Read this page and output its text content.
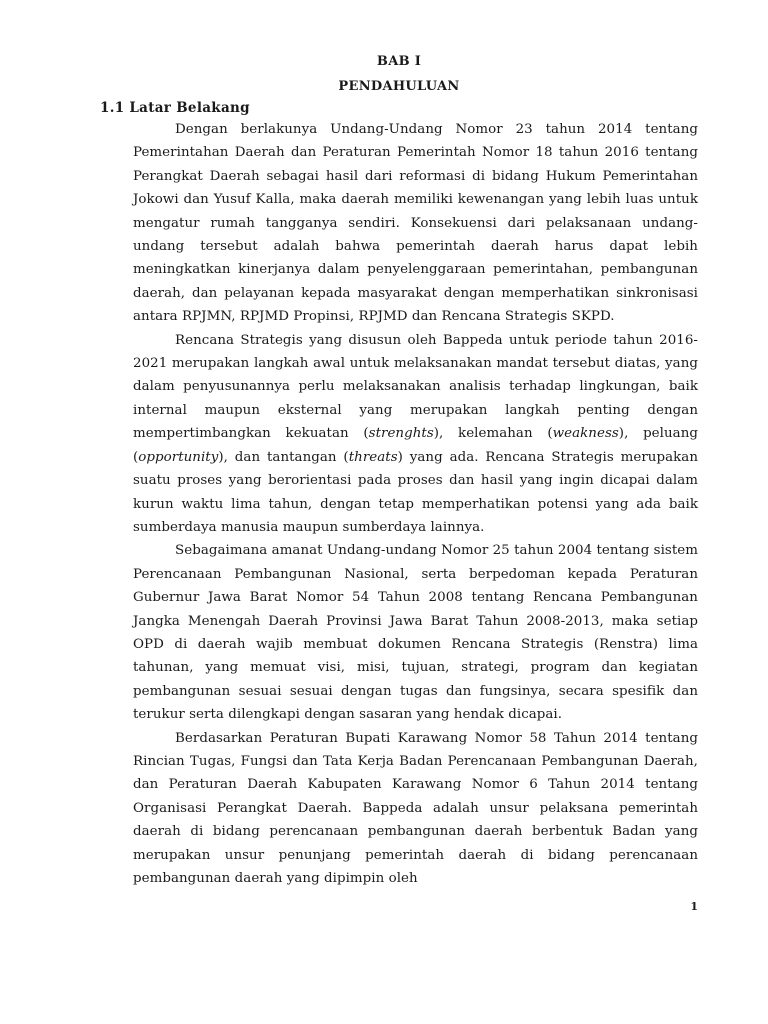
BAB I
PENDAHULUAN
1.1 Latar Belakang

Dengan berlakunya Undang-Undang Nomor 23 tahun 2014 tentang Pemerintahan Daerah dan Peraturan Pemerintah Nomor 18 tahun 2016 tentang Perangkat Daerah sebagai hasil dari reformasi di bidang Hukum Pemerintahan Jokowi dan Yusuf Kalla, maka daerah memiliki kewenangan yang lebih luas untuk mengatur rumah tangganya sendiri. Konsekuensi dari pelaksanaan undang-undang tersebut adalah bahwa pemerintah daerah harus dapat lebih meningkatkan kinerjanya dalam penyelenggaraan pemerintahan, pembangunan daerah, dan pelayanan kepada masyarakat dengan memperhatikan sinkronisasi antara RPJMN, RPJMD Propinsi, RPJMD dan Rencana Strategis SKPD.

Rencana Strategis yang disusun oleh Bappeda untuk periode tahun 2016-2021 merupakan langkah awal untuk melaksanakan mandat tersebut diatas, yang dalam penyusunannya perlu melaksanakan analisis terhadap lingkungan, baik internal maupun eksternal yang merupakan langkah penting dengan mempertimbangkan kekuatan (strenghts), kelemahan (weakness), peluang (opportunity), dan tantangan (threats) yang ada. Rencana Strategis merupakan suatu proses yang berorientasi pada proses dan hasil yang ingin dicapai dalam kurun waktu lima tahun, dengan tetap memperhatikan potensi yang ada baik sumberdaya manusia maupun sumberdaya lainnya.

Sebagaimana amanat Undang-undang Nomor 25 tahun 2004 tentang sistem Perencanaan Pembangunan Nasional, serta berpedoman kepada Peraturan Gubernur Jawa Barat Nomor 54 Tahun 2008 tentang Rencana Pembangunan Jangka Menengah Daerah Provinsi Jawa Barat Tahun 2008-2013, maka setiap OPD di daerah wajib membuat dokumen Rencana Strategis (Renstra) lima tahunan, yang memuat visi, misi, tujuan, strategi, program dan kegiatan pembangunan sesuai sesuai dengan tugas dan fungsinya, secara spesifik dan terukur serta dilengkapi dengan sasaran yang hendak dicapai.

Berdasarkan Peraturan Bupati Karawang Nomor 58 Tahun 2014 tentang Rincian Tugas, Fungsi dan Tata Kerja Badan Perencanaan Pembangunan Daerah, dan Peraturan Daerah Kabupaten Karawang Nomor 6 Tahun 2014 tentang Organisasi Perangkat Daerah. Bappeda adalah unsur pelaksana pemerintah daerah di bidang perencanaan pembangunan daerah berbentuk Badan yang merupakan unsur penunjang pemerintah daerah di bidang perencanaan pembangunan daerah yang dipimpin oleh

1
